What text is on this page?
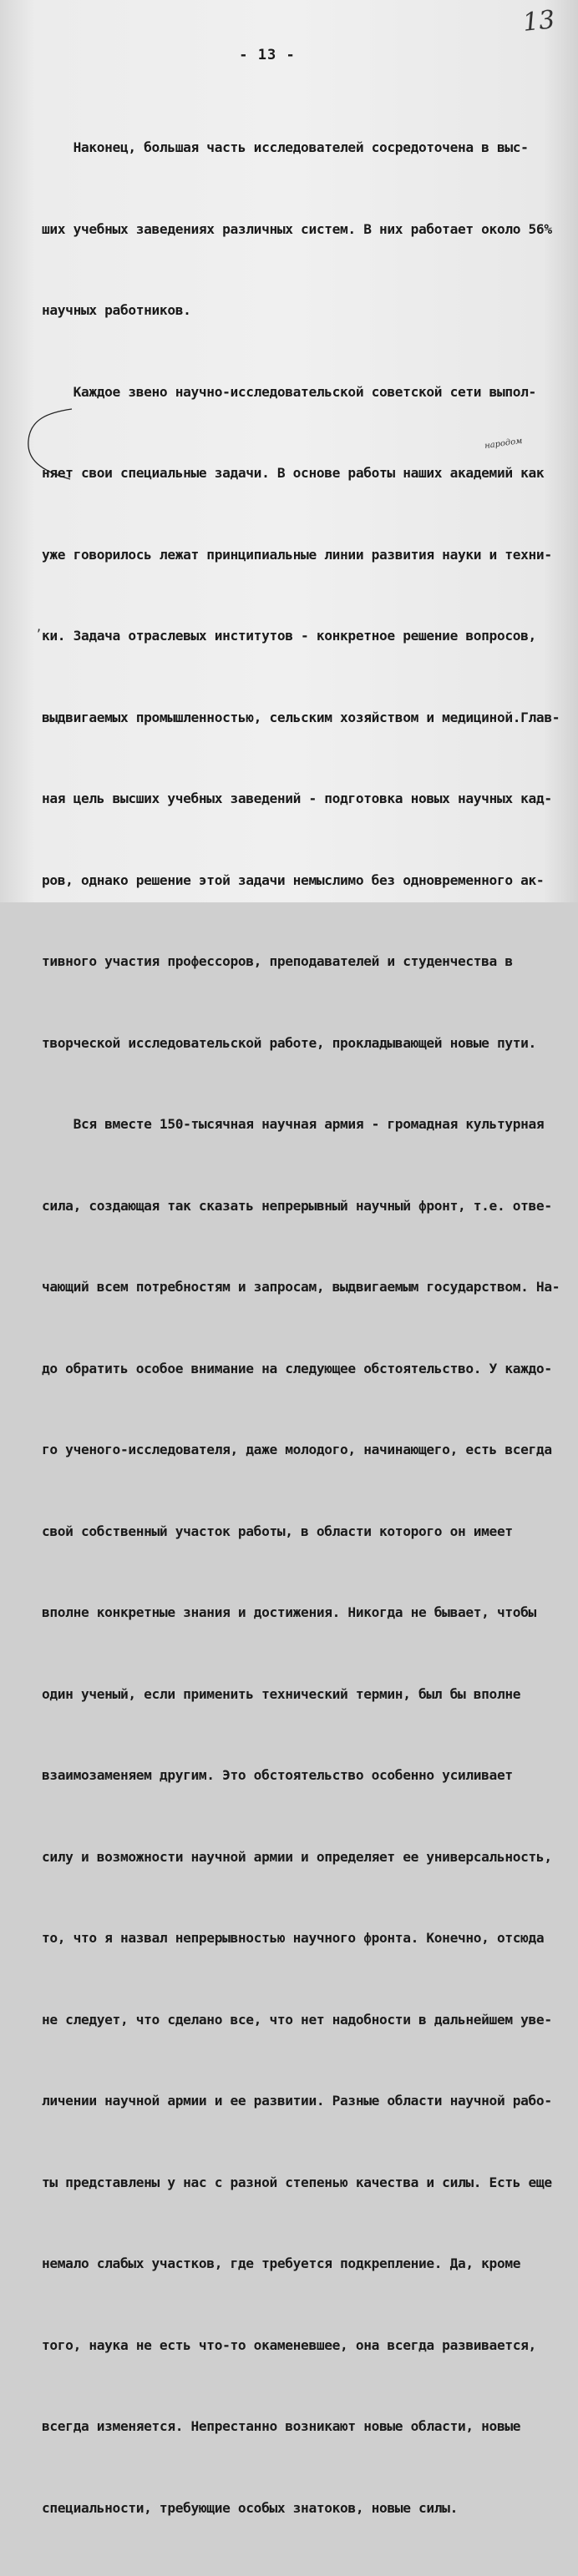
13
- 13 -
ʼ
народом

Наконец, большая часть исследователей сосредоточена в выс-

ших учебных заведениях различных систем. В них работает около 56%

научных работников.

Каждое звено научно-исследовательской советской сети выпол-

няет свои специальные задачи. В основе работы наших академий как

уже говорилось лежат принципиальные линии развития науки и техни-

ки. Задача отраслевых институтов - конкретное решение вопросов,

выдвигаемых промышленностью, сельским хозяйством и медициной.Глав-

ная цель высших учебных заведений - подготовка новых научных кад-

ров, однако решение этой задачи немыслимо без одновременного ак-

тивного участия профессоров, преподавателей и студенчества в

творческой исследовательской работе, прокладывающей новые пути.

Вся вместе 150-тысячная научная армия - громадная культурная

сила, создающая так сказать непрерывный научный фронт, т.е. отве-

чающий всем потребностям и запросам, выдвигаемым государством. На-

до обратить особое внимание на следующее обстоятельство. У каждо-

го ученого-исследователя, даже молодого, начинающего, есть всегда

свой собственный участок работы, в области которого он имеет

вполне конкретные знания и достижения. Никогда не бывает, чтобы

один ученый, если применить технический термин, был бы вполне

взаимозаменяем другим. Это обстоятельство особенно усиливает

силу и возможности научной армии и определяет ее универсальность,

то, что я назвал непрерывностью научного фронта. Конечно, отсюда

не следует, что сделано все, что нет надобности в дальнейшем уве-

личении научной армии и ее развитии. Разные области научной рабо-

ты представлены у нас с разной степенью качества и силы. Есть еще

немало слабых участков, где требуется подкрепление. Да, кроме

того, наука не есть что-то окаменевшее, она всегда развивается,

всегда изменяется. Непрестанно возникают новые области, новые

специальности, требующие особых знатоков, новые силы.
